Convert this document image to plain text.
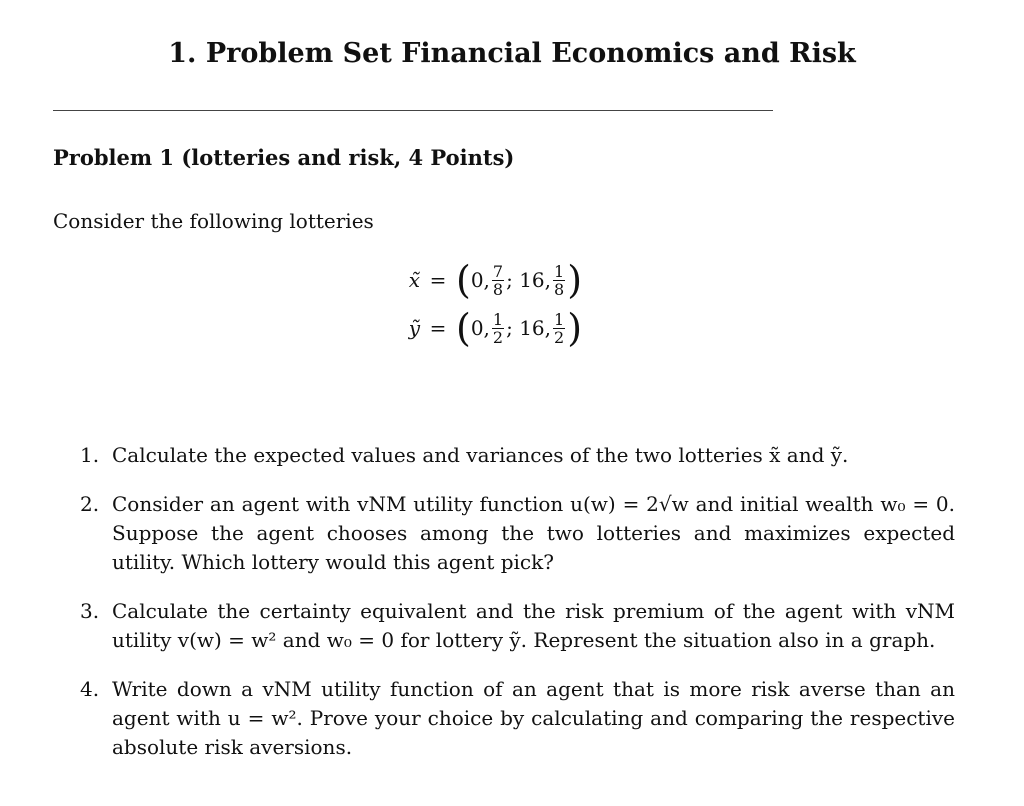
1. Problem Set Financial Economics and Risk
Problem 1 (lotteries and risk, 4 Points)
Consider the following lotteries
x̃ = ( 0, $\frac{7}{8}$ ; 16, $\frac{1}{8}$ )
ỹ = ( 0, $\frac{1}{2}$ ; 16, $\frac{1}{2}$ )
1. Calculate the expected values and variances of the two lotteries x̃ and ỹ.
2. Consider an agent with vNM utility function u(w) = 2√w and initial wealth w₀ = 0. Suppose the agent chooses among the two lotteries and maximizes expected utility. Which lottery would this agent pick?
3. Calculate the certainty equivalent and the risk premium of the agent with vNM utility v(w) = w² and w₀ = 0 for lottery ỹ. Represent the situation also in a graph.
4. Write down a vNM utility function of an agent that is more risk averse than an agent with u = w². Prove your choice by calculating and comparing the respective absolute risk aversions.
